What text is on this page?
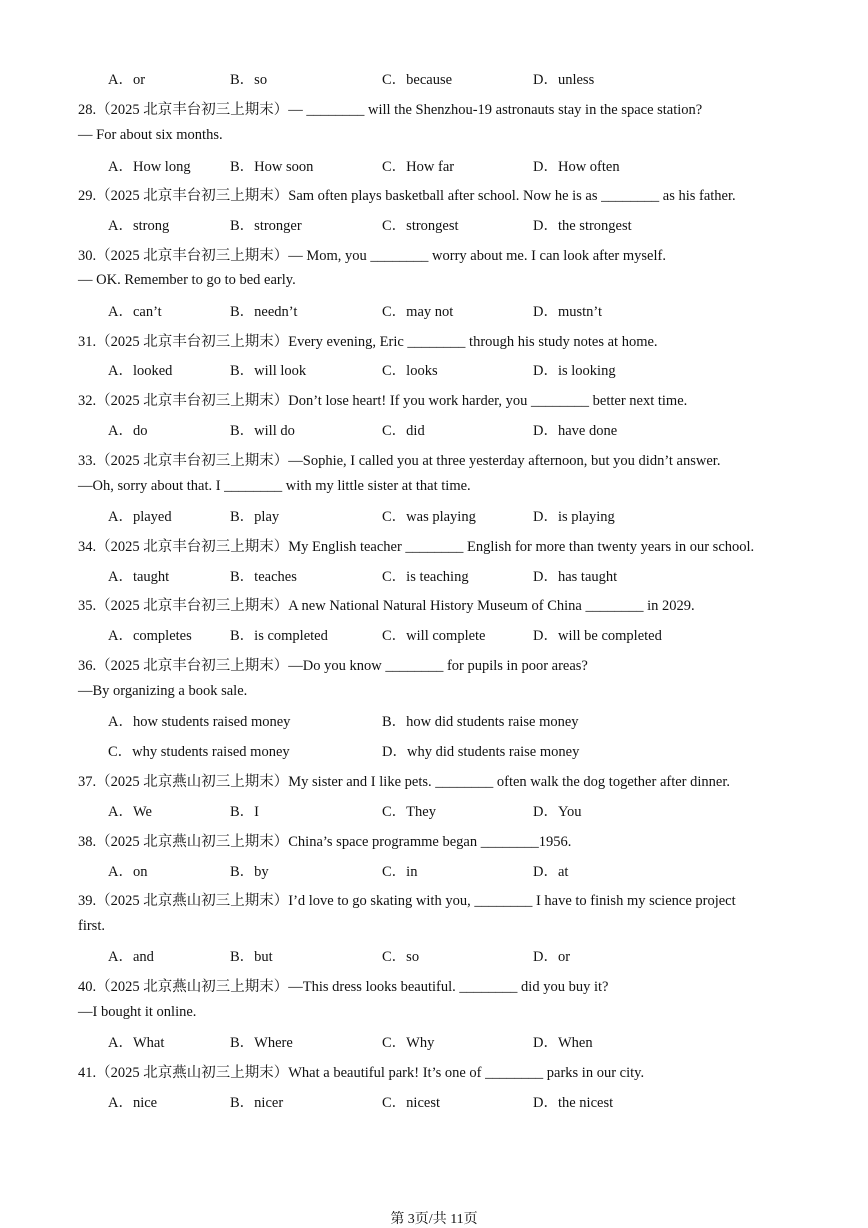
A．or	B．so	C．because	D．unless
28.（2025 北京丰台初三上期末）— ________ will the Shenzhou-19 astronauts stay in the space station?
— For about six months.
A．How long	B．How soon	C．How far	D．How often
29.（2025 北京丰台初三上期末）Sam often plays basketball after school. Now he is as ________ as his father.
A．strong	B．stronger	C．strongest	D．the strongest
30.（2025 北京丰台初三上期末）— Mom, you ________ worry about me. I can look after myself.
— OK. Remember to go to bed early.
A．can’t	B．needn’t	C．may not	D．mustn’t
31.（2025 北京丰台初三上期末）Every evening, Eric ________ through his study notes at home.
A．looked	B．will look	C．looks	D．is looking
32.（2025 北京丰台初三上期末）Don’t lose heart! If you work harder, you ________ better next time.
A．do	B．will do	C．did	D．have done
33.（2025 北京丰台初三上期末）—Sophie, I called you at three yesterday afternoon, but you didn’t answer.
—Oh, sorry about that. I ________ with my little sister at that time.
A．played	B．play	C．was playing	D．is playing
34.（2025 北京丰台初三上期末）My English teacher ________ English for more than twenty years in our school.
A．taught	B．teaches	C．is teaching	D．has taught
35.（2025 北京丰台初三上期末）A new National Natural History Museum of China ________ in 2029.
A．completes	B．is completed	C．will complete	D．will be completed
36.（2025 北京丰台初三上期末）—Do you know ________ for pupils in poor areas?
—By organizing a book sale.
A．how students raised money	B．how did students raise money
C．why students raised money	D．why did students raise money
37.（2025 北京燕山初三上期末）My sister and I like pets. ________ often walk the dog together after dinner.
A．We	B．I	C．They	D．You
38.（2025 北京燕山初三上期末）China’s space programme began ________1956.
A．on	B．by	C．in	D．at
39.（2025 北京燕山初三上期末）I’d love to go skating with you, ________ I have to finish my science project
first.
A．and	B．but	C．so	D．or
40.（2025 北京燕山初三上期末）—This dress looks beautiful. ________ did you buy it?
—I bought it online.
A．What	B．Where	C．Why	D．When
41.（2025 北京燕山初三上期末）What a beautiful park! It’s one of ________ parks in our city.
A．nice	B．nicer	C．nicest	D．the nicest
第 3页/共 11页
